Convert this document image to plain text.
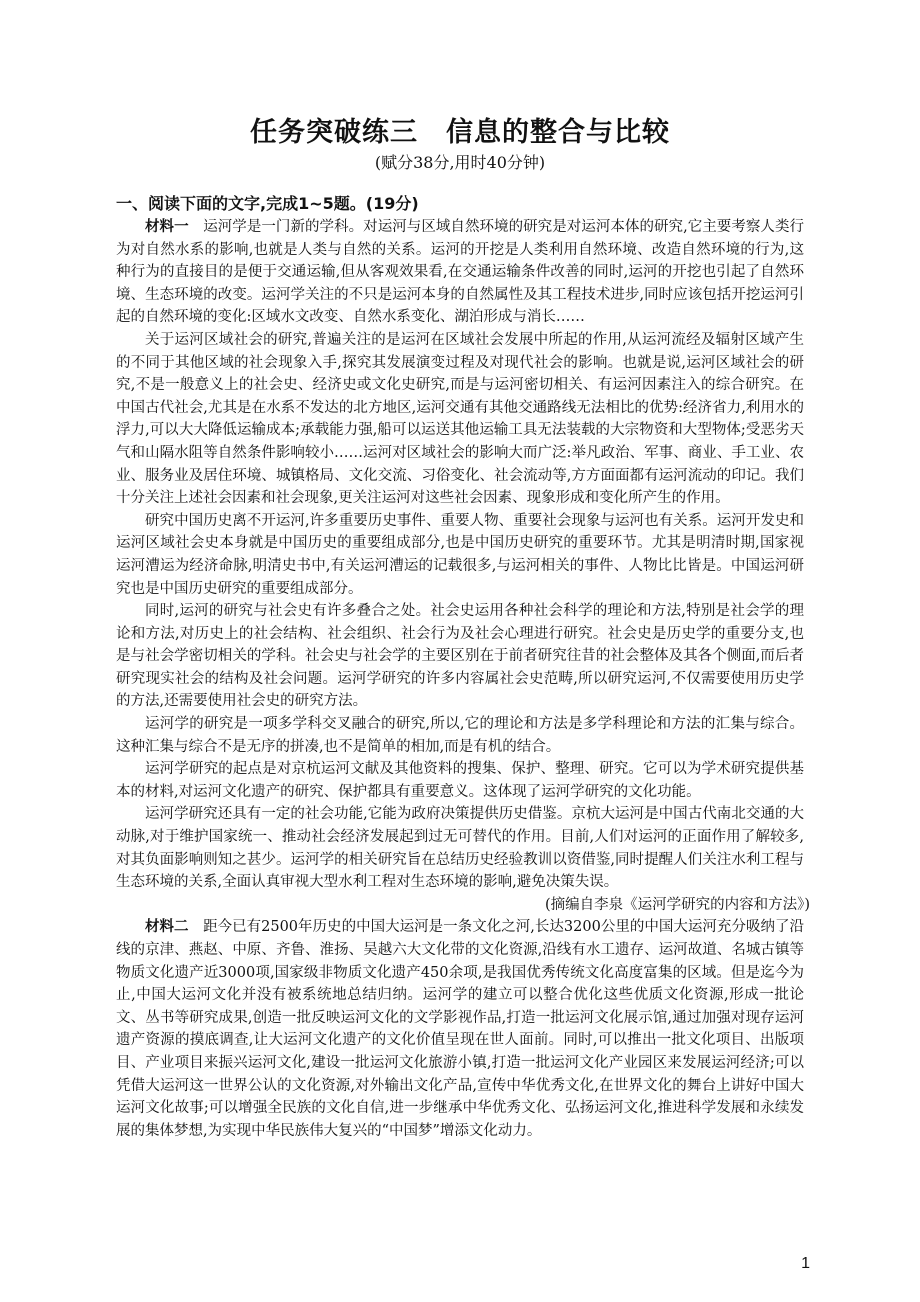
任务突破练三　信息的整合与比较
(赋分38分,用时40分钟)
一、阅读下面的文字,完成1~5题。(19分)

材料一　 运河学是一门新的学科。对运河与区域自然环境的研究是对运河本体的研究,它主要考察人类行为对自然水系的影响,也就是人类与自然的关系。运河的开挖是人类利用自然环境、改造自然环境的行为,这种行为的直接目的是便于交通运输,但从客观效果看,在交通运输条件改善的同时,运河的开挖也引起了自然环境、生态环境的改变。运河学关注的不只是运河本身的自然属性及其工程技术进步,同时应该包括开挖运河引起的自然环境的变化:区域水文改变、自然水系变化、湖泊形成与消长……

关于运河区域社会的研究,普遍关注的是运河在区域社会发展中所起的作用,从运河流经及辐射区域产生的不同于其他区域的社会现象入手,探究其发展演变过程及对现代社会的影响。也就是说,运河区域社会的研究,不是一般意义上的社会史、经济史或文化史研究,而是与运河密切相关、有运河因素注入的综合研究。在中国古代社会,尤其是在水系不发达的北方地区,运河交通有其他交通路线无法相比的优势:经济省力,利用水的浮力,可以大大降低运输成本;承载能力强,船可以运送其他运输工具无法装载的大宗物资和大型物体;受恶劣天气和山隔水阻等自然条件影响较小……运河对区域社会的影响大而广泛:举凡政治、军事、商业、手工业、农业、服务业及居住环境、城镇格局、文化交流、习俗变化、社会流动等,方方面面都有运河流动的印记。我们十分关注上述社会因素和社会现象,更关注运河对这些社会因素、现象形成和变化所产生的作用。

研究中国历史离不开运河,许多重要历史事件、重要人物、重要社会现象与运河也有关系。运河开发史和运河区域社会史本身就是中国历史的重要组成部分,也是中国历史研究的重要环节。尤其是明清时期,国家视运河漕运为经济命脉,明清史书中,有关运河漕运的记载很多,与运河相关的事件、人物比比皆是。中国运河研究也是中国历史研究的重要组成部分。

同时,运河的研究与社会史有许多叠合之处。社会史运用各种社会科学的理论和方法,特别是社会学的理论和方法,对历史上的社会结构、社会组织、社会行为及社会心理进行研究。社会史是历史学的重要分支,也是与社会学密切相关的学科。社会史与社会学的主要区别在于前者研究往昔的社会整体及其各个侧面,而后者研究现实社会的结构及社会问题。运河学研究的许多内容属社会史范畴,所以研究运河,不仅需要使用历史学的方法,还需要使用社会史的研究方法。

运河学的研究是一项多学科交叉融合的研究,所以,它的理论和方法是多学科理论和方法的汇集与综合。这种汇集与综合不是无序的拼凑,也不是简单的相加,而是有机的结合。

运河学研究的起点是对京杭运河文献及其他资料的搜集、保护、整理、研究。它可以为学术研究提供基本的材料,对运河文化遗产的研究、保护都具有重要意义。这体现了运河学研究的文化功能。

运河学研究还具有一定的社会功能,它能为政府决策提供历史借鉴。京杭大运河是中国古代南北交通的大动脉,对于维护国家统一、推动社会经济发展起到过无可替代的作用。目前,人们对运河的正面作用了解较多,对其负面影响则知之甚少。运河学的相关研究旨在总结历史经验教训以资借鉴,同时提醒人们关注水利工程与生态环境的关系,全面认真审视大型水利工程对生态环境的影响,避免决策失误。

(摘编自李泉《运河学研究的内容和方法》)

材料二　 距今已有2500年历史的中国大运河是一条文化之河,长达3200公里的中国大运河充分吸纳了沿线的京津、燕赵、中原、齐鲁、淮扬、吴越六大文化带的文化资源,沿线有水工遗存、运河故道、名城古镇等物质文化遗产近3000项,国家级非物质文化遗产450余项,是我国优秀传统文化高度富集的区域。但是迄今为止,中国大运河文化并没有被系统地总结归纳。运河学的建立可以整合优化这些优质文化资源,形成一批论文、丛书等研究成果,创造一批反映运河文化的文学影视作品,打造一批运河文化展示馆,通过加强对现存运河遗产资源的摸底调查,让大运河文化遗产的文化价值呈现在世人面前。同时,可以推出一批文化项目、出版项目、产业项目来振兴运河文化,建设一批运河文化旅游小镇,打造一批运河文化产业园区来发展运河经济;可以凭借大运河这一世界公认的文化资源,对外输出文化产品,宣传中华优秀文化,在世界文化的舞台上讲好中国大运河文化故事;可以增强全民族的文化自信,进一步继承中华优秀文化、弘扬运河文化,推进科学发展和永续发展的集体梦想,为实现中华民族伟大复兴的“中国梦”增添文化动力。

1
